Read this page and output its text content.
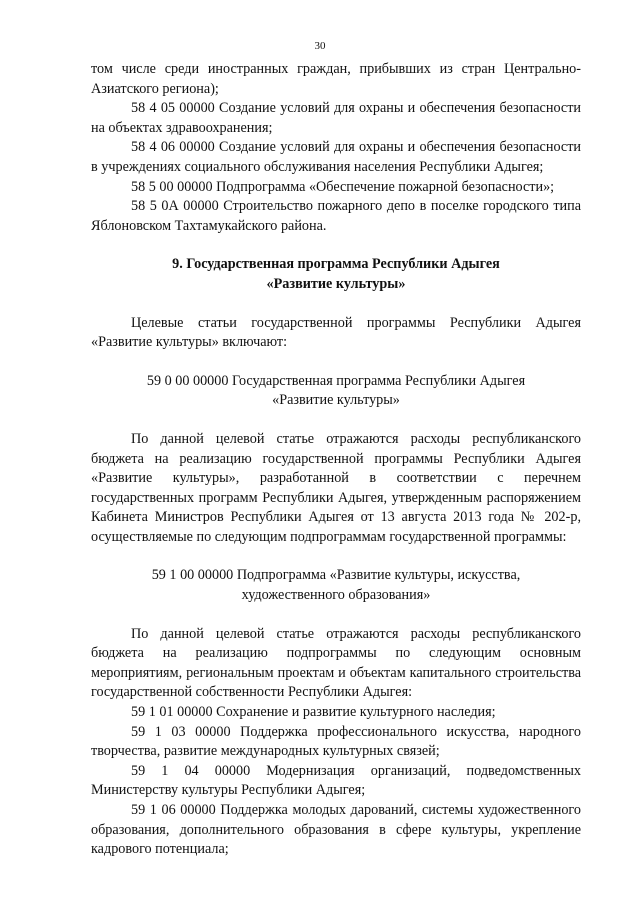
30

том числе среди иностранных граждан, прибывших из стран Центрально-Азиатского региона);

58 4 05 00000 Создание условий для охраны и обеспечения безопасности на объектах здравоохранения;

58 4 06 00000 Создание условий для охраны и обеспечения безопасности в учреждениях социального обслуживания населения Республики Адыгея;

58 5 00 00000 Подпрограмма «Обеспечение пожарной безопасности»;

58 5 0А 00000 Строительство пожарного депо в поселке городского типа Яблоновском Тахтамукайского района.

9. Государственная программа Республики Адыгея

«Развитие культуры»

Целевые статьи государственной программы Республики Адыгея «Развитие культуры» включают:

59 0 00 00000 Государственная программа Республики Адыгея

«Развитие культуры»

По данной целевой статье отражаются расходы республиканского бюджета на реализацию государственной программы Республики Адыгея «Развитие культуры», разработанной в соответствии с перечнем государственных программ Республики Адыгея, утвержденным распоряжением Кабинета Министров Республики Адыгея от 13 августа 2013 года № 202-р, осуществляемые по следующим подпрограммам государственной программы:

59 1 00 00000 Подпрограмма «Развитие культуры, искусства,

художественного образования»

По данной целевой статье отражаются расходы республиканского бюджета на реализацию подпрограммы по следующим основным мероприятиям, региональным проектам и объектам капитального строительства государственной собственности Республики Адыгея:

59 1 01 00000 Сохранение и развитие культурного наследия;

59 1 03 00000 Поддержка профессионального искусства, народного творчества, развитие международных культурных связей;

59 1 04 00000 Модернизация организаций, подведомственных Министерству культуры Республики Адыгея;

59 1 06 00000 Поддержка молодых дарований, системы художественного образования, дополнительного образования в сфере культуры, укрепление кадрового потенциала;
